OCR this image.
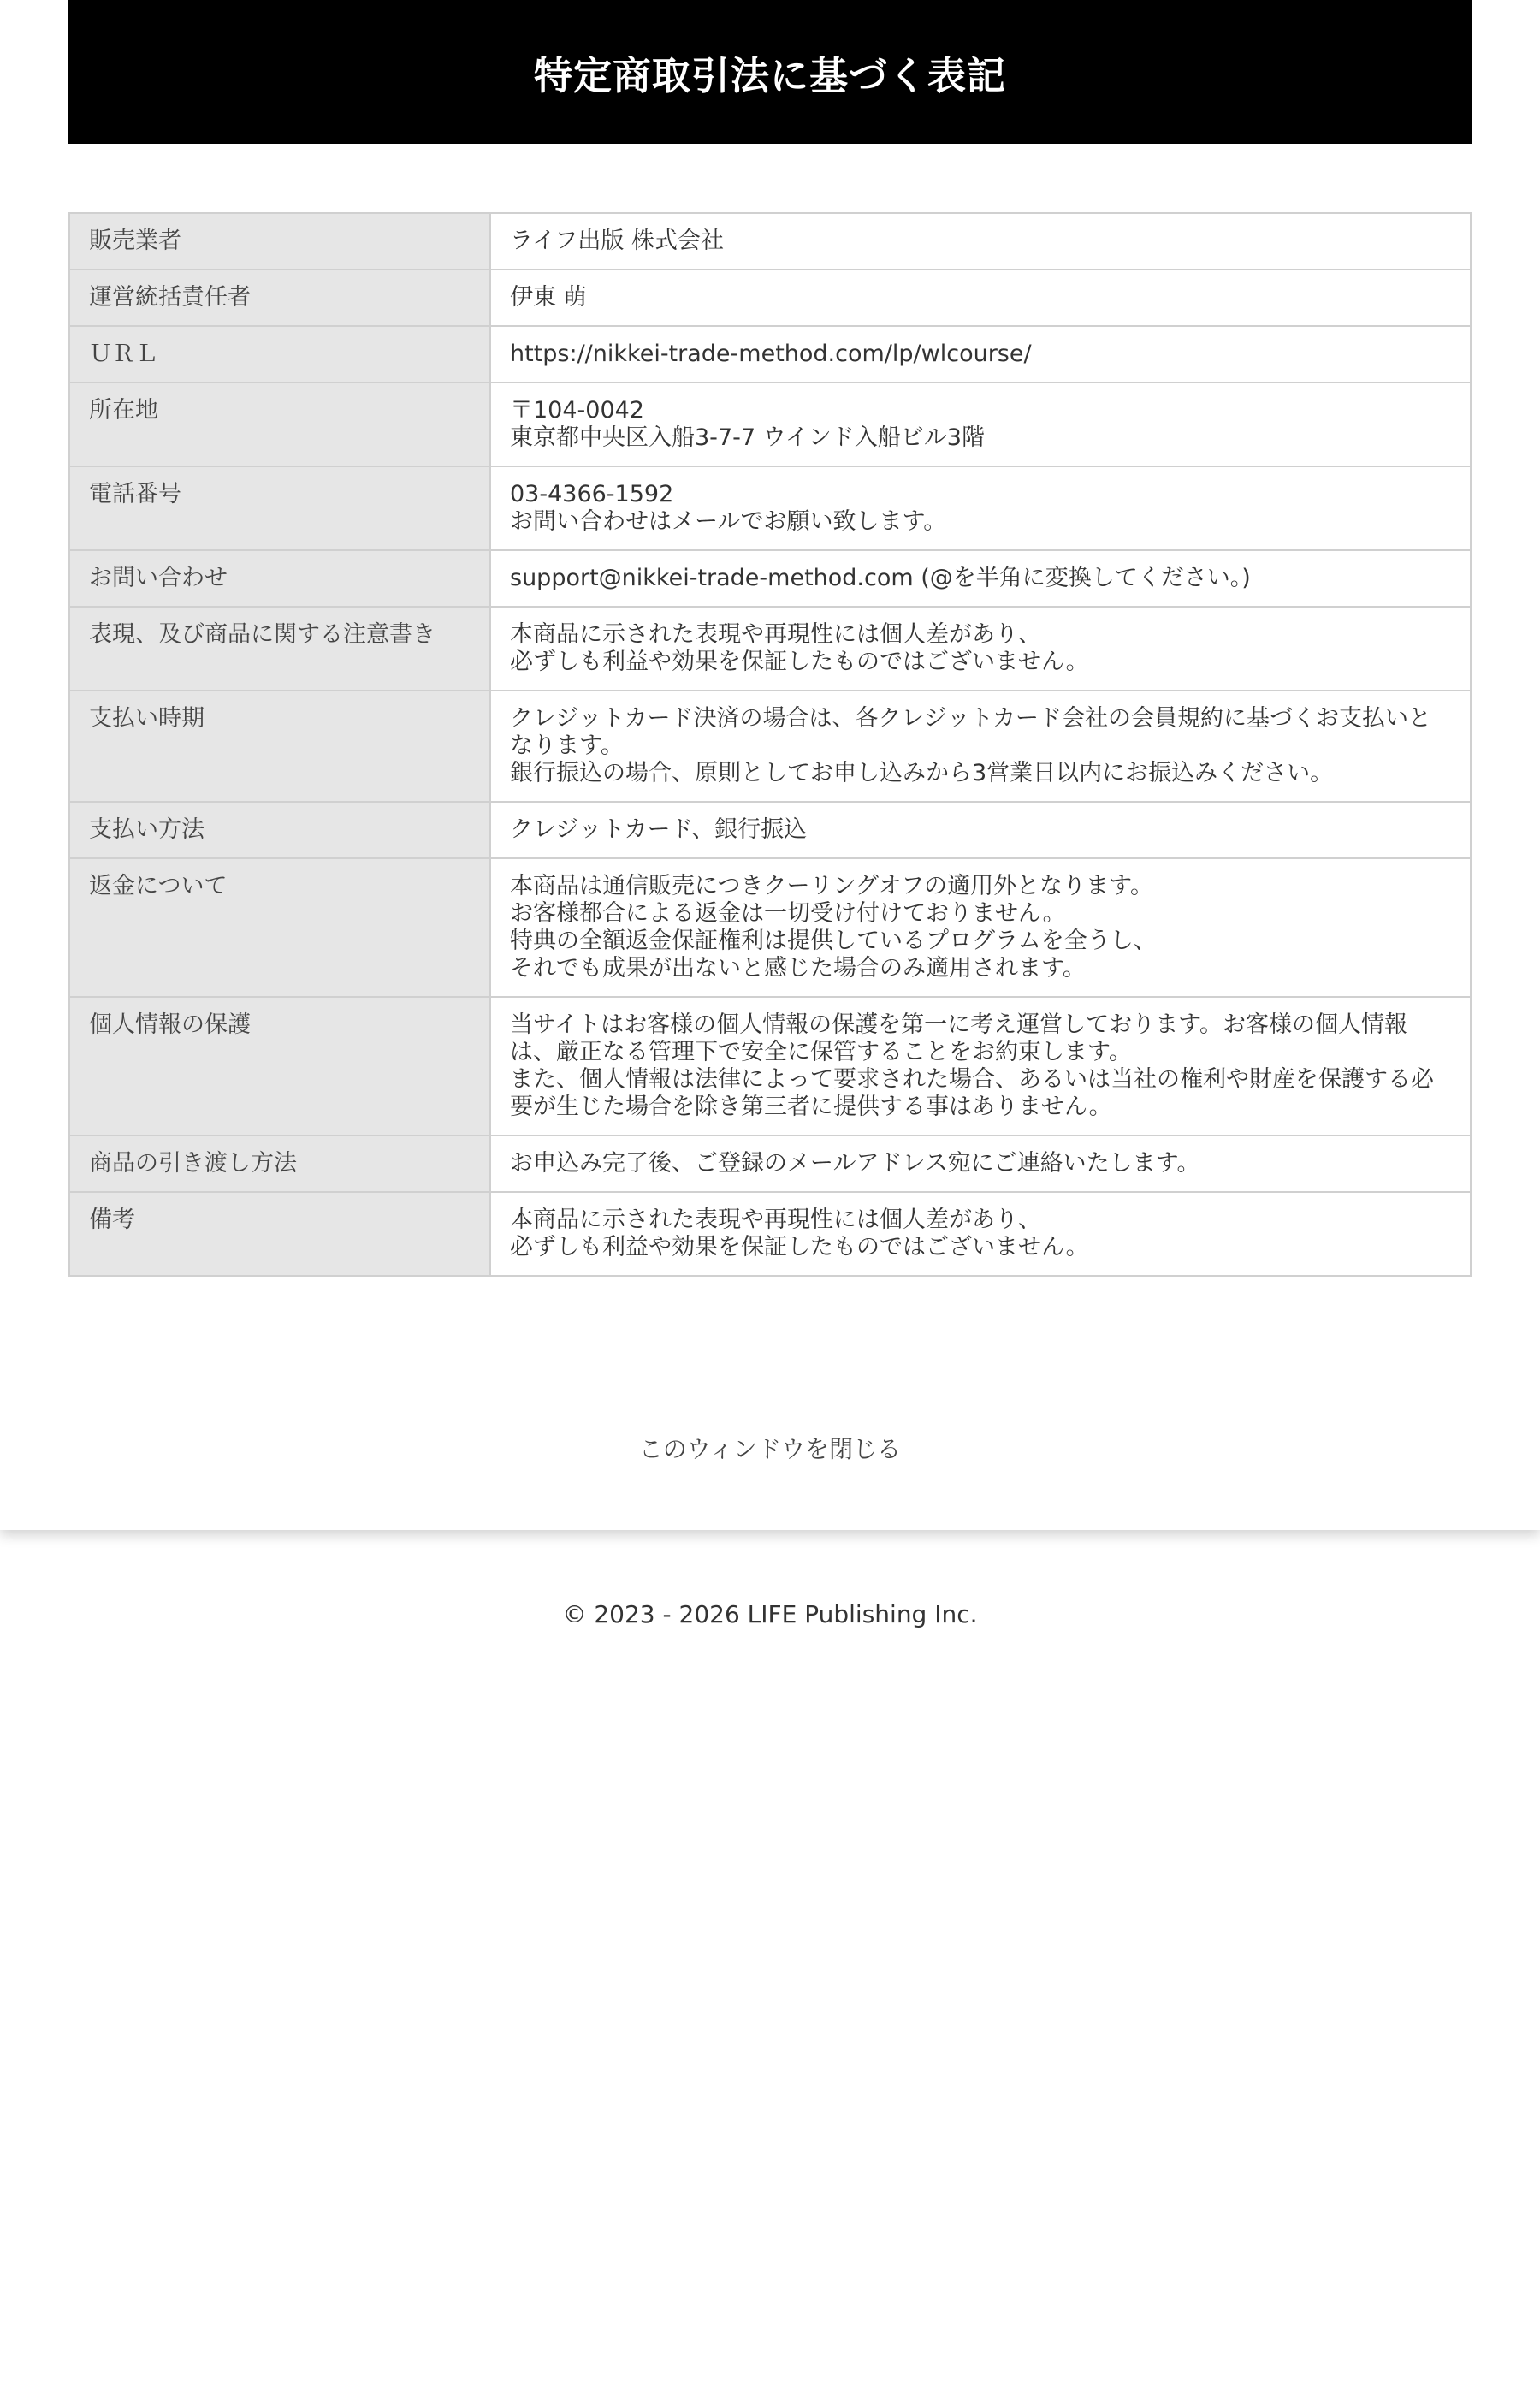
特定商取引法に基づく表記
販売業者	ライフ出版 株式会社
運営統括責任者	伊東 萌
ＵＲＬ	https://nikkei-trade-method.com/lp/wlcourse/
所在地	〒104-0042
東京都中央区入船3-7-7 ウインド入船ビル3階
電話番号	03-4366-1592
お問い合わせはメールでお願い致します。
お問い合わせ	support@nikkei-trade-method.com (@を半角に変換してください。)
表現、及び商品に関する注意書き	本商品に示された表現や再現性には個人差があり、
必ずしも利益や効果を保証したものではございません。
支払い時期	クレジットカード決済の場合は、各クレジットカード会社の会員規約に基づくお支払いとなります。
銀行振込の場合、原則としてお申し込みから3営業日以内にお振込みください。
支払い方法	クレジットカード、銀行振込
返金について	本商品は通信販売につきクーリングオフの適用外となります。
お客様都合による返金は一切受け付けておりません。
特典の全額返金保証権利は提供しているプログラムを全うし、
それでも成果が出ないと感じた場合のみ適用されます。
個人情報の保護	当サイトはお客様の個人情報の保護を第一に考え運営しております。お客様の個人情報は、厳正なる管理下で安全に保管することをお約束します。
また、個人情報は法律によって要求された場合、あるいは当社の権利や財産を保護する必要が生じた場合を除き第三者に提供する事はありません。
商品の引き渡し方法	お申込み完了後、ご登録のメールアドレス宛にご連絡いたします。
備考	本商品に示された表現や再現性には個人差があり、
必ずしも利益や効果を保証したものではございません。
このウィンドウを閉じる
© 2023 - 2026 LIFE Publishing Inc.
